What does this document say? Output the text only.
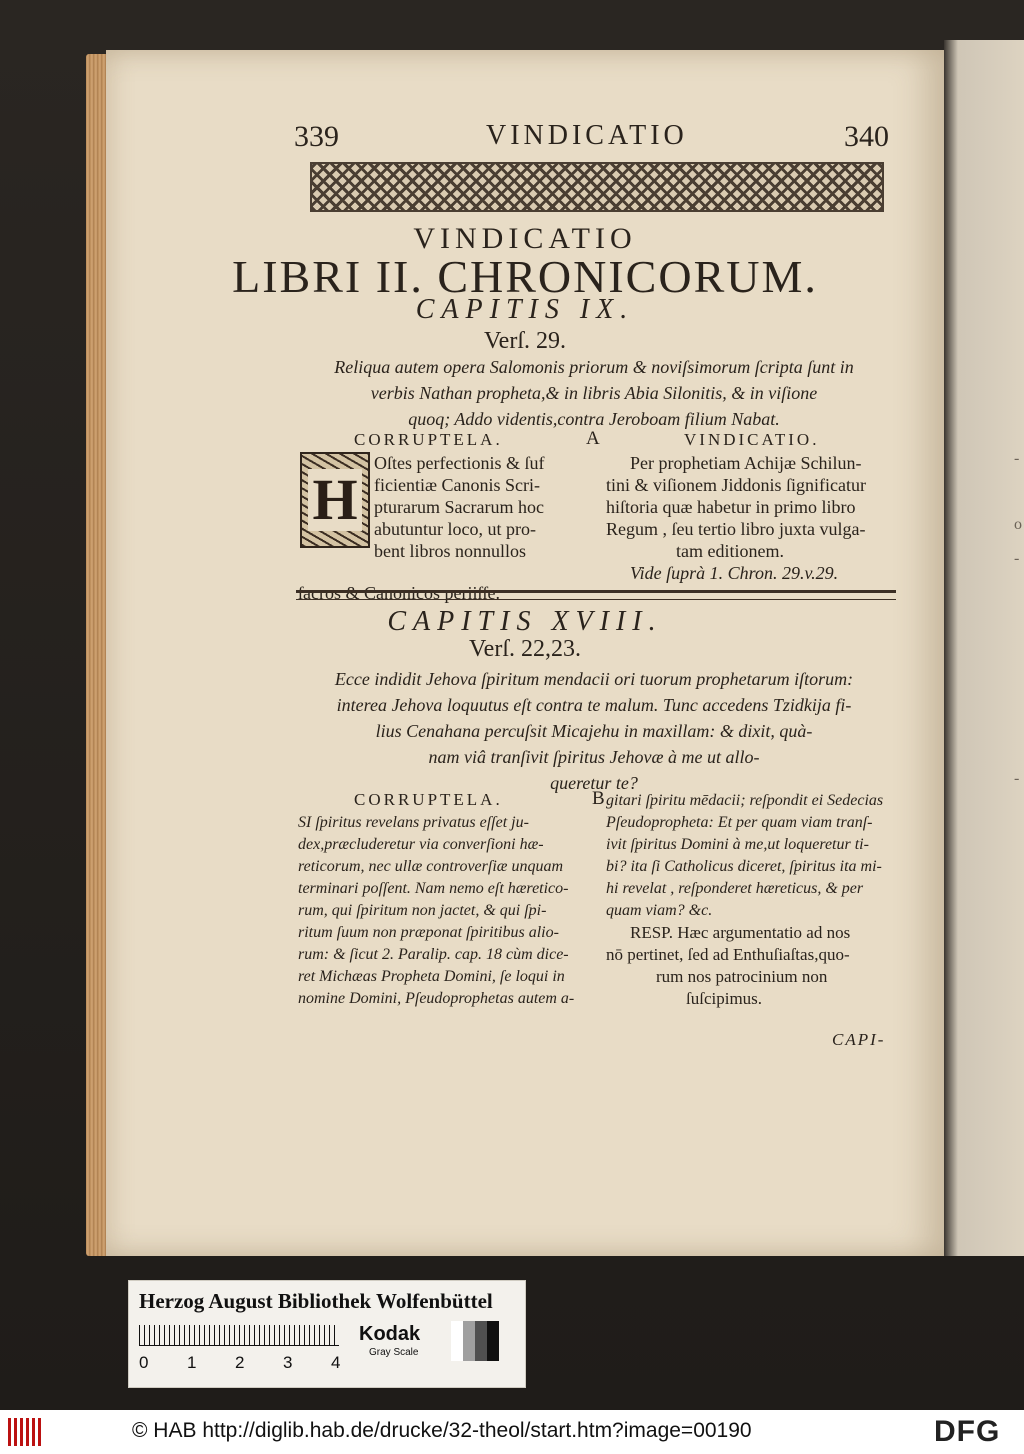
-
o
-
-
339	VINDICATIO	340
VINDICATIO
LIBRI II. CHRONICORUM.
CAPITIS IX.
Verſ. 29.
Reliqua autem opera Salomonis priorum & noviſsimorum ſcripta ſunt in
verbis Nathan propheta,& in libris Abia Silonitis, & in viſione
quoq; Addo videntis,contra Jeroboam filium Nabat.
CORRUPTELA.	A	VINDICATIO.
H
Oſtes perfectionis & ſuf
ficientiæ Canonis Scri-
pturarum Sacrarum hoc
abutuntur loco, ut pro-
bent libros nonnullos
ſacros & Canonicos periiſſe.
Per prophetiam Achijæ Schilun-
tini & viſionem Jiddonis ſignificatur
hiſtoria quæ habetur in primo libro
Regum , ſeu tertio libro juxta vulga-
tam editionem.
Vide ſuprà 1. Chron. 29.v.29.
CAPITIS XVIII.
Verſ. 22,23.
Ecce indidit Jehova ſpiritum mendacii ori tuorum prophetarum iſtorum:
interea Jehova loquutus eſt contra te malum. Tunc accedens Tzidkija fi-
lius Cenahana percuſsit Micajehu in maxillam: & dixit, quà-
nam viâ tranſivit ſpiritus Jehovæ à me ut allo-
queretur te?
CORRUPTELA.	B
SI ſpiritus revelans privatus eſſet ju-
dex,præcluderetur via converſioni hæ-
reticorum, nec ullæ controverſiæ unquam
terminari poſſent. Nam nemo eſt hæretico-
rum, qui ſpiritum non jactet, & qui ſpi-
ritum ſuum non præponat ſpiritibus alio-
rum: & ſicut 2. Paralip. cap. 18 cùm dice-
ret Michæas Propheta Domini, ſe loqui in
nomine Domini, Pſeudoprophetas autem a-
gitari ſpiritu mēdacii; reſpondit ei Sedecias
Pſeudopropheta: Et per quam viam tranſ-
ivit ſpiritus Domini à me,ut loqueretur ti-
bi? ita ſi Catholicus diceret, ſpiritus ita mi-
hi revelat , reſponderet hæreticus, & per
quam viam? &c.
RESP. Hæc argumentatio ad nos
nō pertinet, ſed ad Enthuſiaſtas,quo-
rum nos patrocinium non
ſuſcipimus.
CAPI-
Herzog August Bibliothek Wolfenbüttel
0 1 2 3 4
Kodak
Gray Scale
© HAB http://diglib.hab.de/drucke/32-theol/start.htm?image=00190	DFG
